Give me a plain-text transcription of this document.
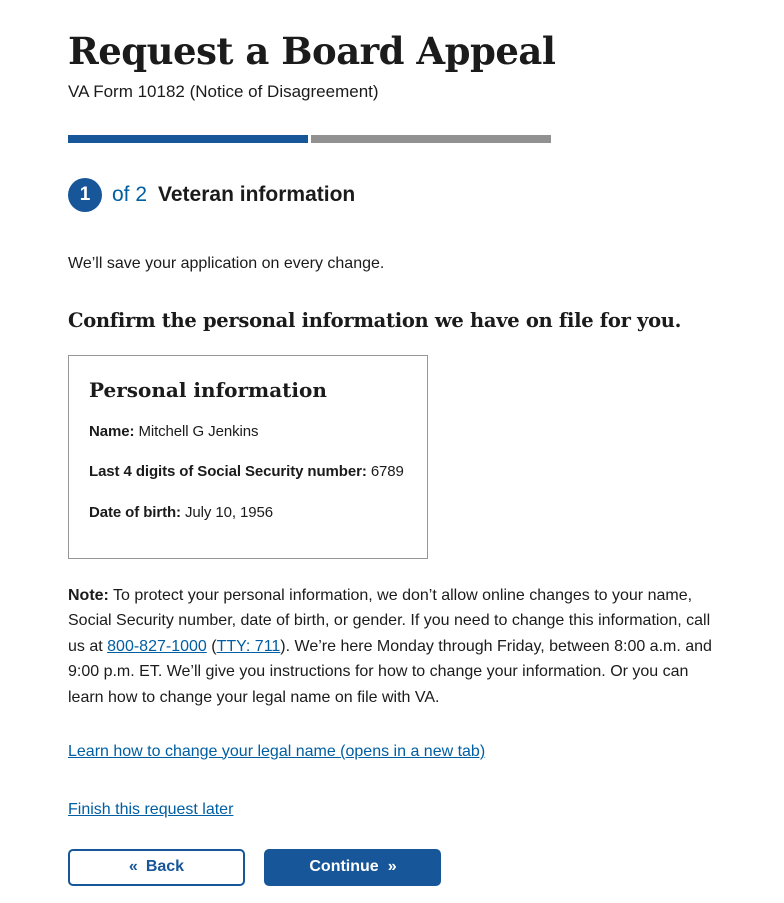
Request a Board Appeal
VA Form 10182 (Notice of Disagreement)
1	of 2 Veteran information

We’ll save your application on every change.

Confirm the personal information we have on file for you.
Personal information
Name: Mitchell G Jenkins
Last 4 digits of Social Security number: 6789
Date of birth: July 10, 1956

Note: To protect your personal information, we don’t allow online changes to your name, Social Security number, date of birth, or gender. If you need to change this information, call us at 800-827-1000 (TTY: 711). We’re here Monday through Friday, between 8:00 a.m. and 9:00 p.m. ET. We’ll give you instructions for how to change your information. Or you can learn how to change your legal name on file with VA.

Learn how to change your legal name (opens in a new tab)
Finish this request later
« Back	Continue »
